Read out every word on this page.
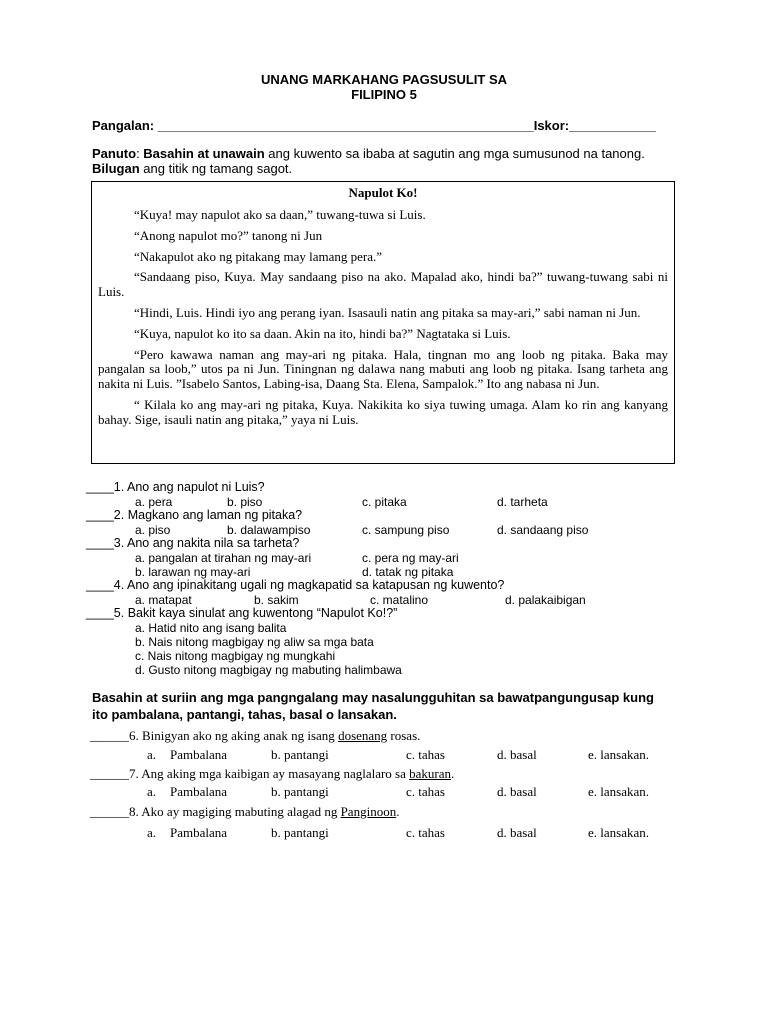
UNANG MARKAHANG PAGSUSULIT SA
FILIPINO 5
Pangalan: ____________________________________________________Iskor:____________
Panuto: Basahin at unawain ang kuwento sa ibaba at sagutin ang mga sumusunod na tanong.
Bilugan ang titik ng tamang sagot.
Napulot Ko!

“Kuya! may napulot ako sa daan,” tuwang-tuwa si Luis.

“Anong napulot mo?” tanong ni Jun

“Nakapulot ako ng pitakang may lamang pera.”

“Sandaang piso, Kuya. May sandaang piso na ako. Mapalad ako, hindi ba?” tuwang-tuwang sabi ni Luis.

“Hindi, Luis. Hindi iyo ang perang iyan. Isasauli natin ang pitaka sa may-ari,” sabi naman ni Jun.

“Kuya, napulot ko ito sa daan. Akin na ito, hindi ba?” Nagtataka si Luis.

“Pero kawawa naman ang may-ari ng pitaka. Hala, tingnan mo ang loob ng pitaka. Baka may pangalan sa loob,” utos pa ni Jun. Tiningnan ng dalawa nang mabuti ang loob ng pitaka. Isang tarheta ang nakita ni Luis. ”Isabelo Santos, Labing-isa, Daang Sta. Elena, Sampalok.” Ito ang nabasa ni Jun.

“ Kilala ko ang may-ari ng pitaka, Kuya. Nakikita ko siya tuwing umaga. Alam ko rin ang kanyang bahay. Sige, isauli natin ang pitaka,” yaya ni Luis.

____1. Ano ang napulot ni Luis?
a. pera	b. piso	c. pitaka	d. tarheta
____2. Magkano ang laman ng pitaka?
a. piso	b. dalawampiso	c. sampung piso	d. sandaang piso
____3. Ano ang nakita nila sa tarheta?
a. pangalan at tirahan ng may-ari	c. pera ng may-ari
b. larawan ng may-ari	d. tatak ng pitaka
____4. Ano ang ipinakitang ugali ng magkapatid sa katapusan ng kuwento?
a. matapat	b. sakim	c. matalino	d. palakaibigan
____5. Bakit kaya sinulat ang kuwentong “Napulot Ko!?”
a. Hatid nito ang isang balita
b. Nais nitong magbigay ng aliw sa mga bata
c. Nais nitong magbigay ng mungkahi
d. Gusto nitong magbigay ng mabuting halimbawa
Basahin at suriin ang mga pangngalang may nasalungguhitan sa bawatpangungusap kung
ito pambalana, pantangi, tahas, basal o lansakan.
______6. Binigyan ako ng aking anak ng isang dosenang rosas.
a. Pambalana	b. pantangi	c. tahas	d. basal	e. lansakan.
______7. Ang aking mga kaibigan ay masayang naglalaro sa bakuran.
a. Pambalana	b. pantangi	c. tahas	d. basal	e. lansakan.
______8. Ako ay magiging mabuting alagad ng Panginoon.
a. Pambalana	b. pantangi	c. tahas	d. basal	e. lansakan.
